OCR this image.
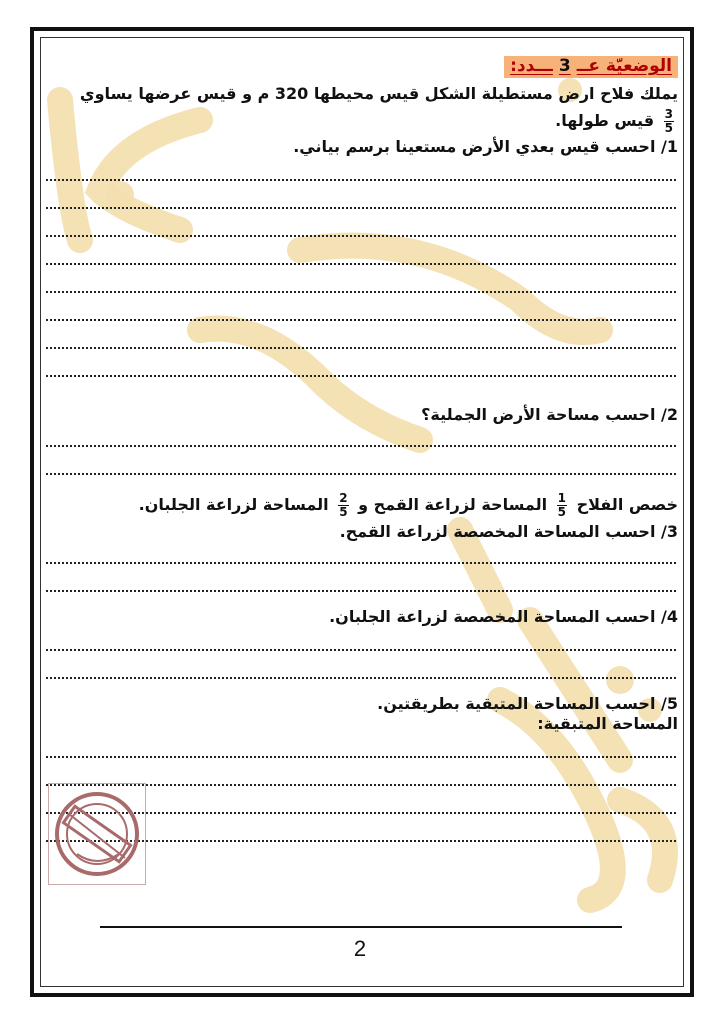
الوضعيّة عــ3ـــدد:
يملك فلاح ارض مستطيلة الشكل قيس محيطها 320 م و قيس عرضها يساوي
$\frac{3}{5}$
قيس طولها.
1/ احسب قيس بعدي الأرض مستعينا برسم بياني.
2/ احسب مساحة الأرض الجملية؟
خصص الفلاح
$\frac{1}{5}$
المساحة لزراعة القمح و
$\frac{2}{5}$
المساحة لزراعة الجلبان.
3/ احسب المساحة المخصصة لزراعة القمح.
4/ احسب المساحة المخصصة لزراعة الجلبان.
5/ احسب المساحة المتبقية بطريقتين.
المساحة المتبقية:
2
